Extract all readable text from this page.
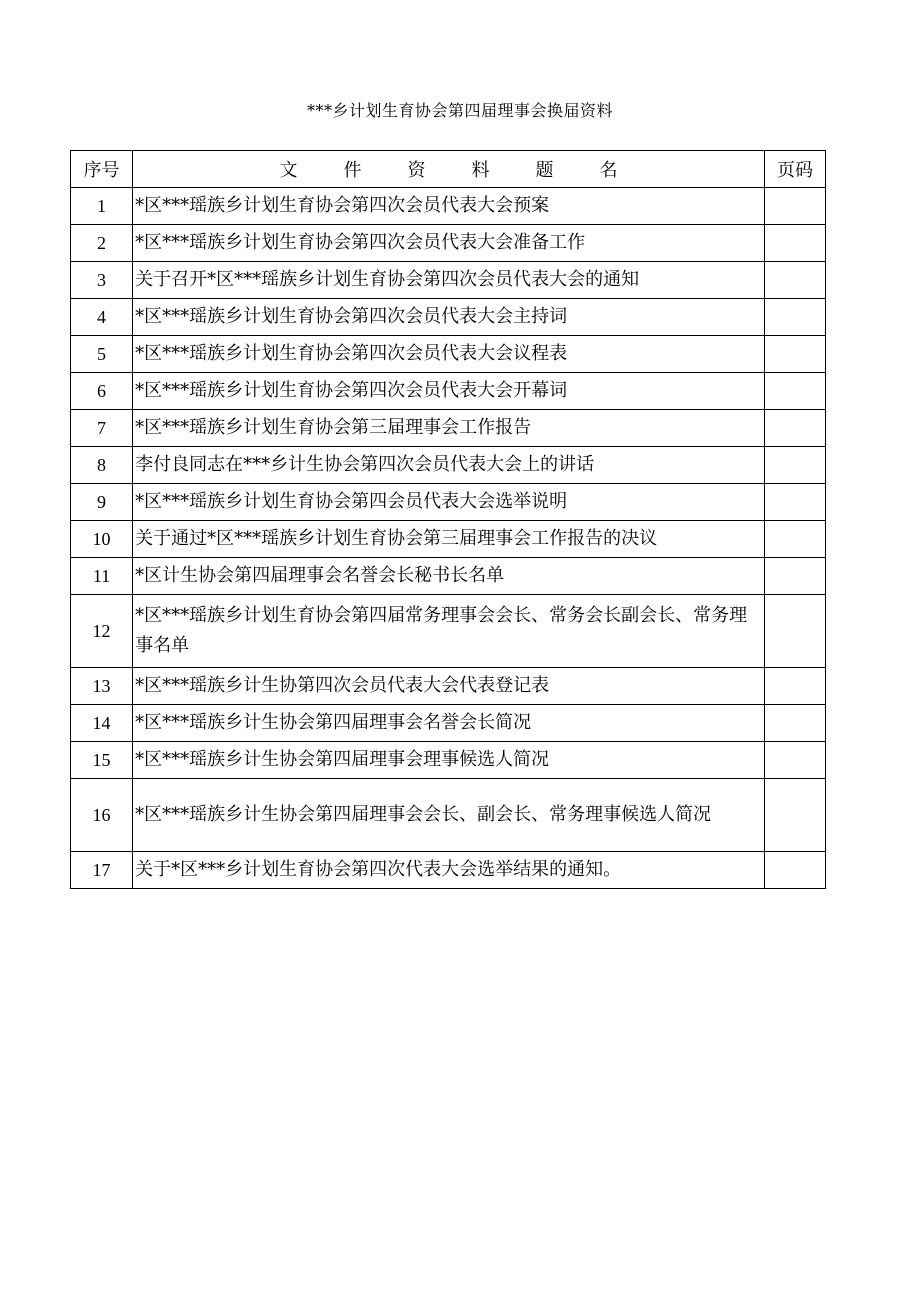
***乡计划生育协会第四届理事会换届资料
序号	文件资料题名	页码
1	*区***瑶族乡计划生育协会第四次会员代表大会预案	
2	*区***瑶族乡计划生育协会第四次会员代表大会准备工作	
3	关于召开*区***瑶族乡计划生育协会第四次会员代表大会的通知	
4	*区***瑶族乡计划生育协会第四次会员代表大会主持词	
5	*区***瑶族乡计划生育协会第四次会员代表大会议程表	
6	*区***瑶族乡计划生育协会第四次会员代表大会开幕词	
7	*区***瑶族乡计划生育协会第三届理事会工作报告	
8	李付良同志在***乡计生协会第四次会员代表大会上的讲话	
9	*区***瑶族乡计划生育协会第四会员代表大会选举说明	
10	关于通过*区***瑶族乡计划生育协会第三届理事会工作报告的决议	
11	*区计生协会第四届理事会名誉会长秘书长名单	
12	*区***瑶族乡计划生育协会第四届常务理事会会长、常务会长副会长、常务理事名单	
13	*区***瑶族乡计生协第四次会员代表大会代表登记表	
14	*区***瑶族乡计生协会第四届理事会名誉会长简况	
15	*区***瑶族乡计生协会第四届理事会理事候选人简况	
16	*区***瑶族乡计生协会第四届理事会会长、副会长、常务理事候选人简况	
17	关于*区***乡计划生育协会第四次代表大会选举结果的通知。	
